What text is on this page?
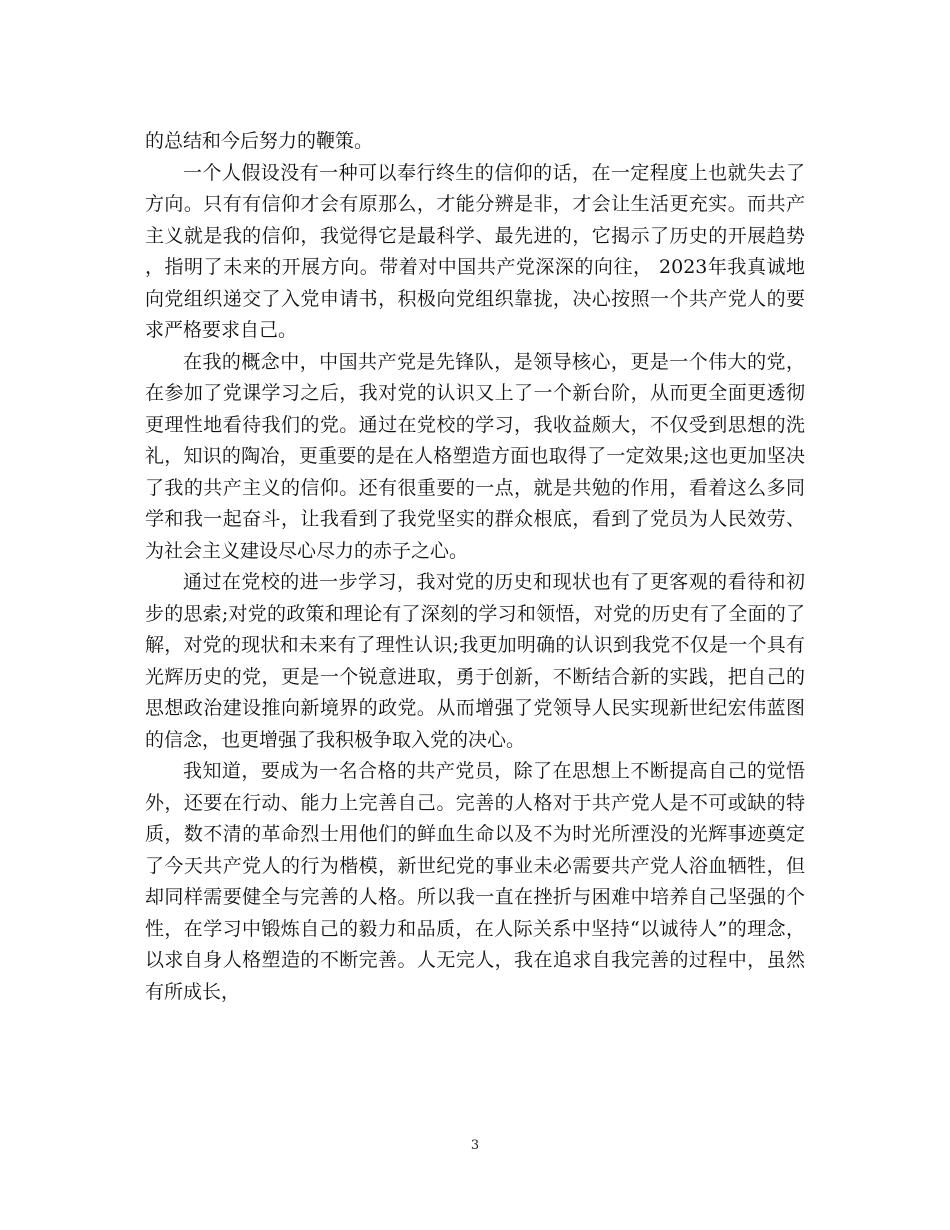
的总结和今后努力的鞭策。

一个人假设没有一种可以奉行终生的信仰的话，在一定程度上也就失去了方向。只有有信仰才会有原那么，才能分辨是非，才会让生活更充实。而共产主义就是我的信仰，我觉得它是最科学、最先进的，它揭示了历史的开展趋势，指明了未来的开展方向。带着对中国共产党深深的向往， 2023年我真诚地向党组织递交了入党申请书，积极向党组织靠拢，决心按照一个共产党人的要求严格要求自己。

在我的概念中，中国共产党是先锋队，是领导核心，更是一个伟大的党，在参加了党课学习之后，我对党的认识又上了一个新台阶，从而更全面更透彻更理性地看待我们的党。通过在党校的学习，我收益颇大，不仅受到思想的洗礼，知识的陶冶，更重要的是在人格塑造方面也取得了一定效果;这也更加坚决了我的共产主义的信仰。还有很重要的一点，就是共勉的作用，看着这么多同学和我一起奋斗，让我看到了我党坚实的群众根底，看到了党员为人民效劳、为社会主义建设尽心尽力的赤子之心。

通过在党校的进一步学习，我对党的历史和现状也有了更客观的看待和初步的思索;对党的政策和理论有了深刻的学习和领悟，对党的历史有了全面的了解，对党的现状和未来有了理性认识;我更加明确的认识到我党不仅是一个具有光辉历史的党，更是一个锐意进取，勇于创新，不断结合新的实践，把自己的思想政治建设推向新境界的政党。从而增强了党领导人民实现新世纪宏伟蓝图的信念，也更增强了我积极争取入党的决心。

我知道，要成为一名合格的共产党员，除了在思想上不断提高自己的觉悟外，还要在行动、能力上完善自己。完善的人格对于共产党人是不可或缺的特质，数不清的革命烈士用他们的鲜血生命以及不为时光所湮没的光辉事迹奠定了今天共产党人的行为楷模，新世纪党的事业未必需要共产党人浴血牺牲，但却同样需要健全与完善的人格。所以我一直在挫折与困难中培养自己坚强的个性，在学习中锻炼自己的毅力和品质，在人际关系中坚持“以诚待人”的理念，以求自身人格塑造的不断完善。人无完人，我在追求自我完善的过程中，虽然有所成长，

3
